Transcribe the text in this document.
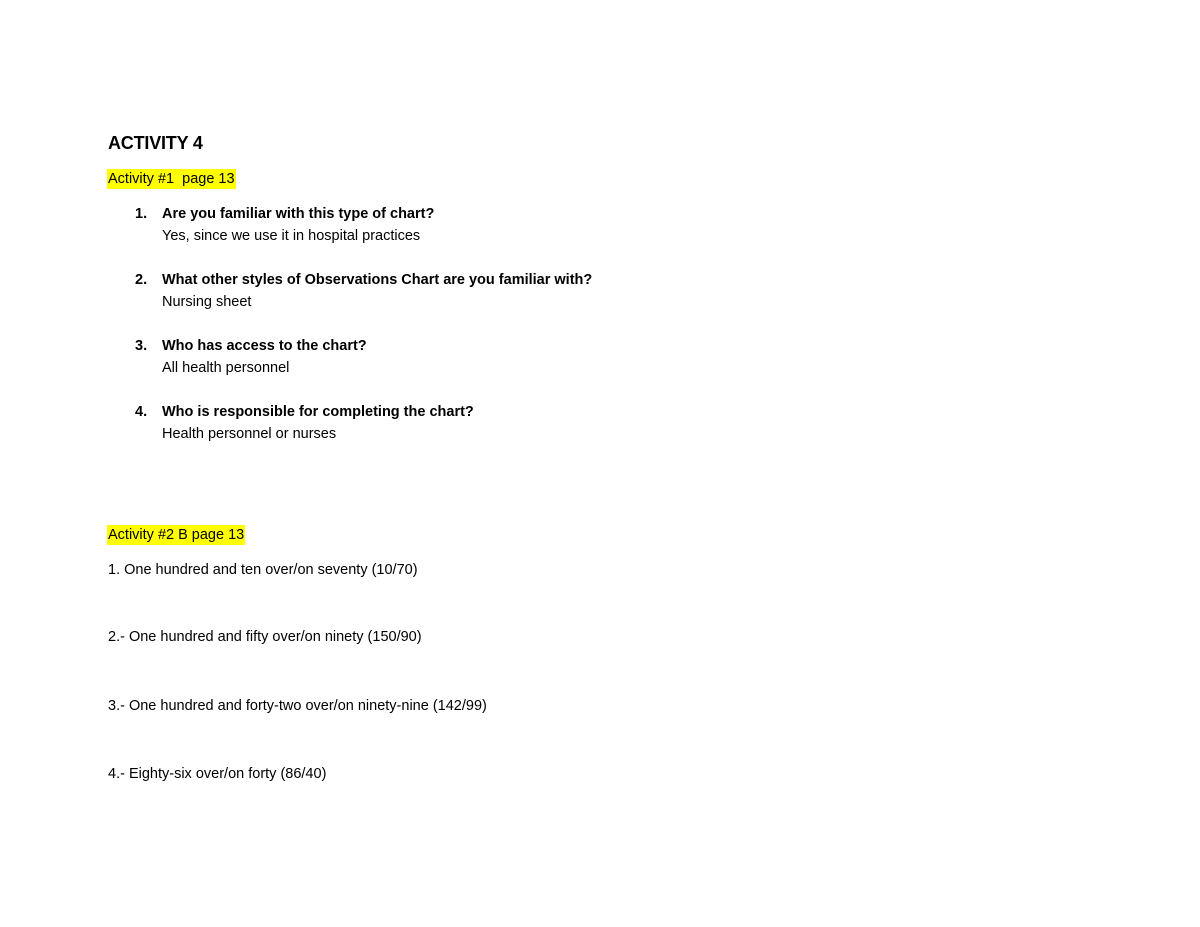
ACTIVITY 4
Activity #1  page 13
1.	Are you familiar with this type of chart?
Yes, since we use it in hospital practices
2.	What other styles of Observations Chart are you familiar with?
Nursing sheet
3.	Who has access to the chart?
All health personnel
4.	Who is responsible for completing the chart?
Health personnel or nurses
Activity #2 B page 13
1. One hundred and ten over/on seventy (10/70)
2.- One hundred and fifty over/on ninety (150/90)
3.- One hundred and forty-two over/on ninety-nine (142/99)
4.- Eighty-six over/on forty (86/40)
